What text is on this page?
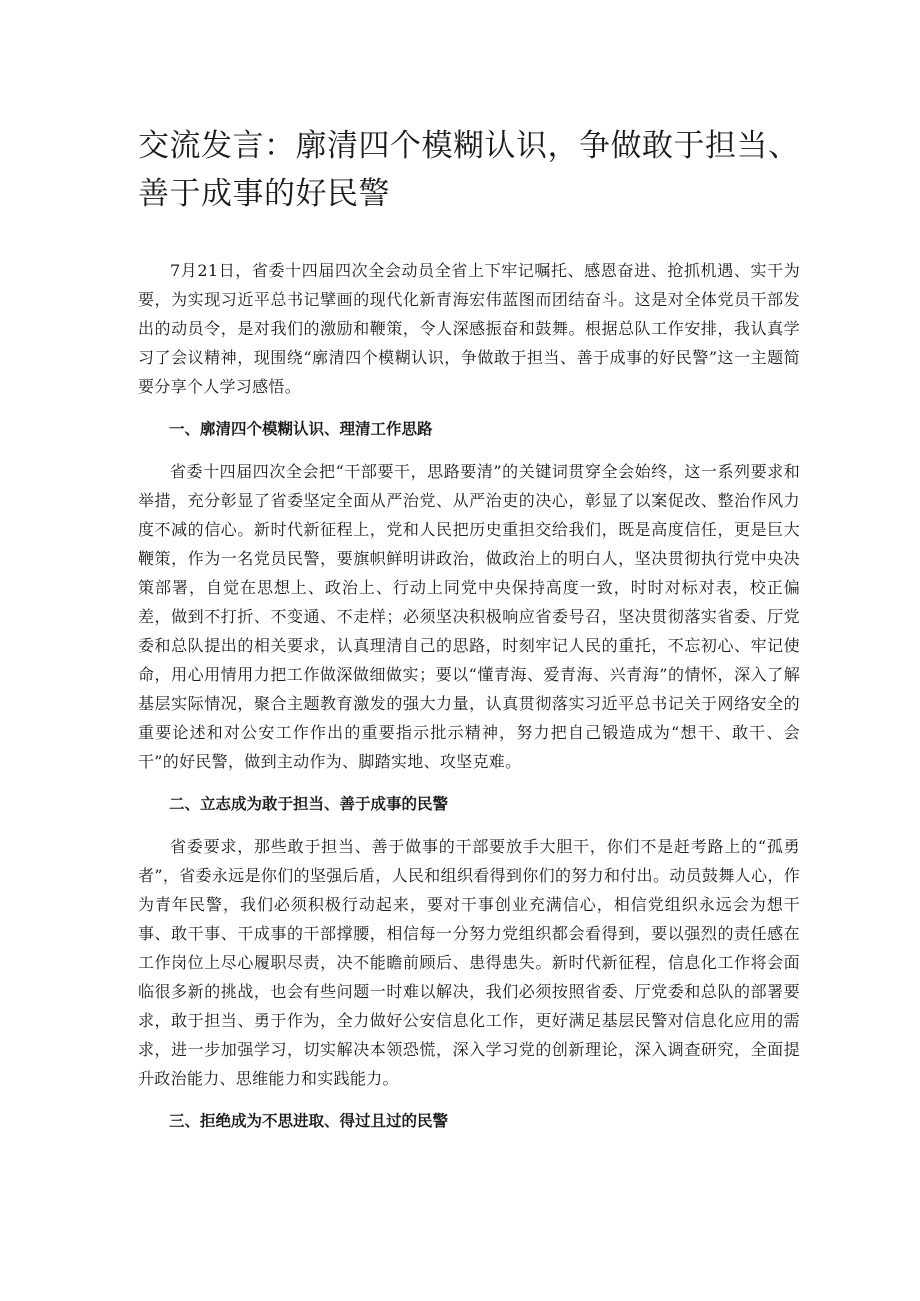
交流发言：廓清四个模糊认识，争做敢于担当、善于成事的好民警

7月21日，省委十四届四次全会动员全省上下牢记嘱托、感恩奋进、抢抓机遇、实干为要，为实现习近平总书记擘画的现代化新青海宏伟蓝图而团结奋斗。这是对全体党员干部发出的动员令，是对我们的激励和鞭策，令人深感振奋和鼓舞。根据总队工作安排，我认真学习了会议精神，现围绕“廓清四个模糊认识，争做敢于担当、善于成事的好民警”这一主题简要分享个人学习感悟。

一、廓清四个模糊认识、理清工作思路

省委十四届四次全会把“干部要干，思路要清”的关键词贯穿全会始终，这一系列要求和举措，充分彰显了省委坚定全面从严治党、从严治吏的决心，彰显了以案促改、整治作风力度不减的信心。新时代新征程上，党和人民把历史重担交给我们，既是高度信任，更是巨大鞭策，作为一名党员民警，要旗帜鲜明讲政治，做政治上的明白人，坚决贯彻执行党中央决策部署，自觉在思想上、政治上、行动上同党中央保持高度一致，时时对标对表，校正偏差，做到不打折、不变通、不走样；必须坚决积极响应省委号召，坚决贯彻落实省委、厅党委和总队提出的相关要求，认真理清自己的思路，时刻牢记人民的重托，不忘初心、牢记使命，用心用情用力把工作做深做细做实；要以“懂青海、爱青海、兴青海”的情怀，深入了解基层实际情况，聚合主题教育激发的强大力量，认真贯彻落实习近平总书记关于网络安全的重要论述和对公安工作作出的重要指示批示精神，努力把自己锻造成为“想干、敢干、会干”的好民警，做到主动作为、脚踏实地、攻坚克难。

二、立志成为敢于担当、善于成事的民警

省委要求，那些敢于担当、善于做事的干部要放手大胆干，你们不是赶考路上的“孤勇者”，省委永远是你们的坚强后盾，人民和组织看得到你们的努力和付出。动员鼓舞人心，作为青年民警，我们必须积极行动起来，要对干事创业充满信心，相信党组织永远会为想干事、敢干事、干成事的干部撑腰，相信每一分努力党组织都会看得到，要以强烈的责任感在工作岗位上尽心履职尽责，决不能瞻前顾后、患得患失。新时代新征程，信息化工作将会面临很多新的挑战，也会有些问题一时难以解决，我们必须按照省委、厅党委和总队的部署要求，敢于担当、勇于作为，全力做好公安信息化工作，更好满足基层民警对信息化应用的需求，进一步加强学习，切实解决本领恐慌，深入学习党的创新理论，深入调查研究，全面提升政治能力、思维能力和实践能力。

三、拒绝成为不思进取、得过且过的民警
